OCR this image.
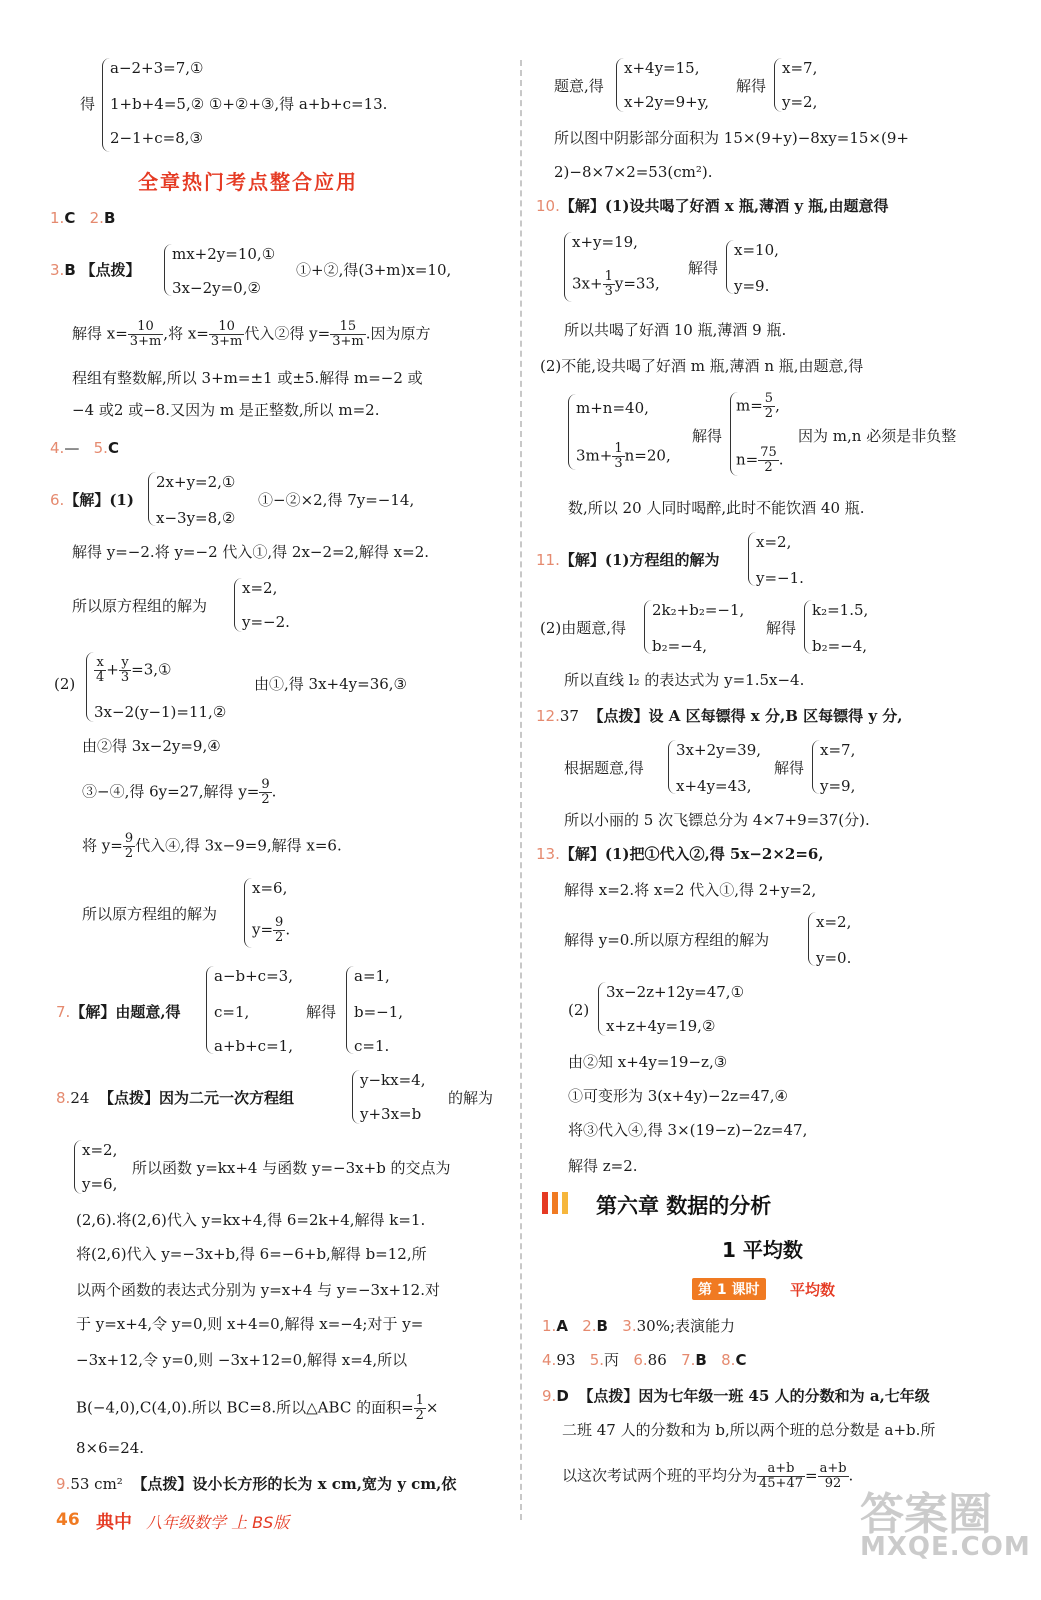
得
a−2+3=7,①
1+b+4=5,② ①+②+③,得 a+b+c=13.
2−1+c=8,③
全章热门考点整合应用
1.C 2.B
3.B 【点拨】
mx+2y=10,①
3x−2y=0,②
①+②,得(3+m)x=10,
解得 $x= \frac{10}{3+m}$ ,将 $x= \frac{10}{3+m}$ 代入②得 $y= \frac{15}{3+m}$ .因为原方
程组有整数解,所以 3+m=±1 或±5.解得 m=−2 或
−4 或2 或−8.又因为 m 是正整数,所以 m=2.
4.— 5.C
6.【解】(1)
2x+y=2,①
x−3y=8,②
①−②×2,得 7y=−14,
解得 y=−2.将 y=−2 代入①,得 2x−2=2,解得 x=2.
所以原方程组的解为
x=2,
y=−2.
$(2) \frac{x}{4} + \frac{y}{3}$ =3,①
3x−2(y−1)=11,②
由①,得 3x+4y=36,③
由②得 3x−2y=9,④
③−④,得 6y=27,解得 $y= \frac{9}{2}$ .
将 $y= \frac{9}{2}$ 代入④,得 3x−9=9,解得 x=6.
所以原方程组的解为
x=6,
$y= \frac{9}{2}$ .
7.【解】由题意,得
a−b+c=3,
c=1,
a+b+c=1,
解得
a=1,
b=−1,
c=1.
8.24 【点拨】因为二元一次方程组
y−kx=4,
y+3x=b
的解为
x=2,
y=6,
所以函数 y=kx+4 与函数 y=−3x+b 的交点为
(2,6).将(2,6)代入 y=kx+4,得 6=2k+4,解得 k=1.
将(2,6)代入 y=−3x+b,得 6=−6+b,解得 b=12,所
以两个函数的表达式分别为 y=x+4 与 y=−3x+12.对
于 y=x+4,令 y=0,则 x+4=0,解得 x=−4;对于 y=
−3x+12,令 y=0,则 −3x+12=0,解得 x=4,所以
B(−4,0),C(4,0).所以 BC=8.所以△ABC 的面积= $\frac{1}{2}$ ×
8×6=24.
9.53 cm² 【点拨】设小长方形的长为 x cm,宽为 y cm,依
题意,得
x+4y=15,
x+2y=9+y,
解得
x=7,
y=2,
所以图中阴影部分面积为 15×(9+y)−8xy=15×(9+
2)−8×7×2=53(cm²).
10.【解】(1)设共喝了好酒 x 瓶,薄酒 y 瓶,由题意得
x+y=19,
$3x+ \frac{1}{3} y=33$,
解得
x=10,
y=9.
所以共喝了好酒 10 瓶,薄酒 9 瓶.
(2)不能,设共喝了好酒 m 瓶,薄酒 n 瓶,由题意,得
m+n=40,
$3m+ \frac{1}{3} n=20$,
解得
$m= \frac{5}{2}$ ,
$n= \frac{75}{2}$ .
因为 m,n 必须是非负整
数,所以 20 人同时喝醉,此时不能饮酒 40 瓶.
11.【解】(1)方程组的解为
x=2,
y=−1.
(2)由题意,得
2k₂+b₂=−1,
b₂=−4,
解得
k₂=1.5,
b₂=−4,
所以直线 l₂ 的表达式为 y=1.5x−4.
12.37 【点拨】设 A 区每镖得 x 分,B 区每镖得 y 分,
根据题意,得
3x+2y=39,
x+4y=43,
解得
x=7,
y=9,
所以小丽的 5 次飞镖总分为 4×7+9=37(分).
13.【解】(1)把①代入②,得 5x−2×2=6,
解得 x=2.将 x=2 代入①,得 2+y=2,
解得 y=0.所以原方程组的解为
x=2,
y=0.
(2)
3x−2z+12y=47,①
x+z+4y=19,②
由②知 x+4y=19−z,③
①可变形为 3(x+4y)−2z=47,④
将③代入④,得 3×(19−z)−2z=47,
解得 z=2.
第六章 数据的分析
1 平均数
第 1 课时	平均数
1.A 2.B 3.30%;表演能力
4.93 5.丙 6.86 7.B 8.C
9.D 【点拨】因为七年级一班 45 人的分数和为 a,七年级
二班 47 人的分数和为 b,所以两个班的总分数是 a+b.所
以这次考试两个班的平均分为 $\frac{a+b}{45+47} = \frac{a+b}{92}$ .
46 典中 八年级数学 上 BS版	答案圈
MXQE.COM
